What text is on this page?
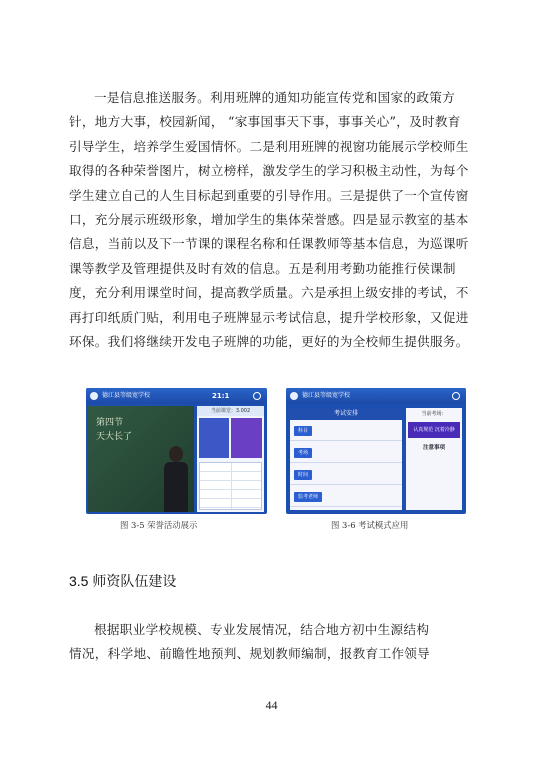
一是信息推送服务。利用班牌的通知功能宣传党和国家的政策方
针，地方大事，校园新闻， “家事国事天下事，事事关心”，及时教育
引导学生，培养学生爱国情怀。二是利用班牌的视窗功能展示学校师生
取得的各种荣誉图片，树立榜样，激发学生的学习积极主动性，为每个
学生建立自己的人生目标起到重要的引导作用。三是提供了一个宣传窗
口，充分展示班级形象，增加学生的集体荣誉感。四是显示教室的基本
信息，当前以及下一节课的课程名称和任课教师等基本信息，为巡课听
课等教学及管理提供及时有效的信息。五是利用考勤功能推行侯课制
度，充分利用课堂时间，提高教学质量。六是承担上级安排的考试，不
再打印纸质门贴，利用电子班牌显示考试信息，提升学校形象，又促进
环保。我们将继续开发电子班牌的功能，更好的为全校师生提供服务。
德江县等级宽学校	21:1
第四节
天大长了
当前课堂：3.002
德江县等级宽学校
考试安排
科目
考场
时间
监考老师
当前考场：
认真规范 沉着冷静
注意事项
图 3-5 荣誉活动展示	图 3-6 考试模式应用
3.5 师资队伍建设
根据职业学校规模、专业发展情况，结合地方初中生源结构
情况，科学地、前瞻性地预判、规划教师编制，报教育工作领导
44
